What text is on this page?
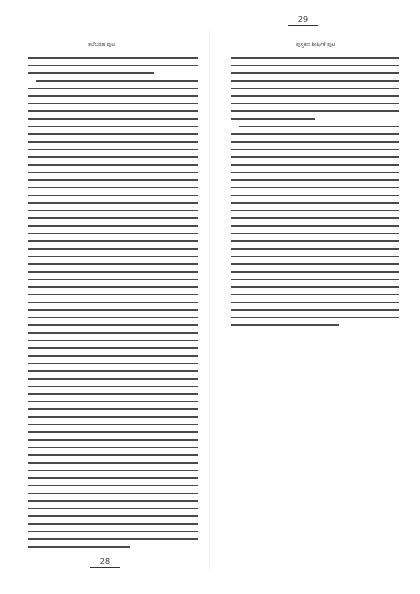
ತಲೆಬರಹ ಪುಟ
28
29
ಪುಸ್ತಕದ ಶೀರ್ಷಿಕೆ ಪುಟ
